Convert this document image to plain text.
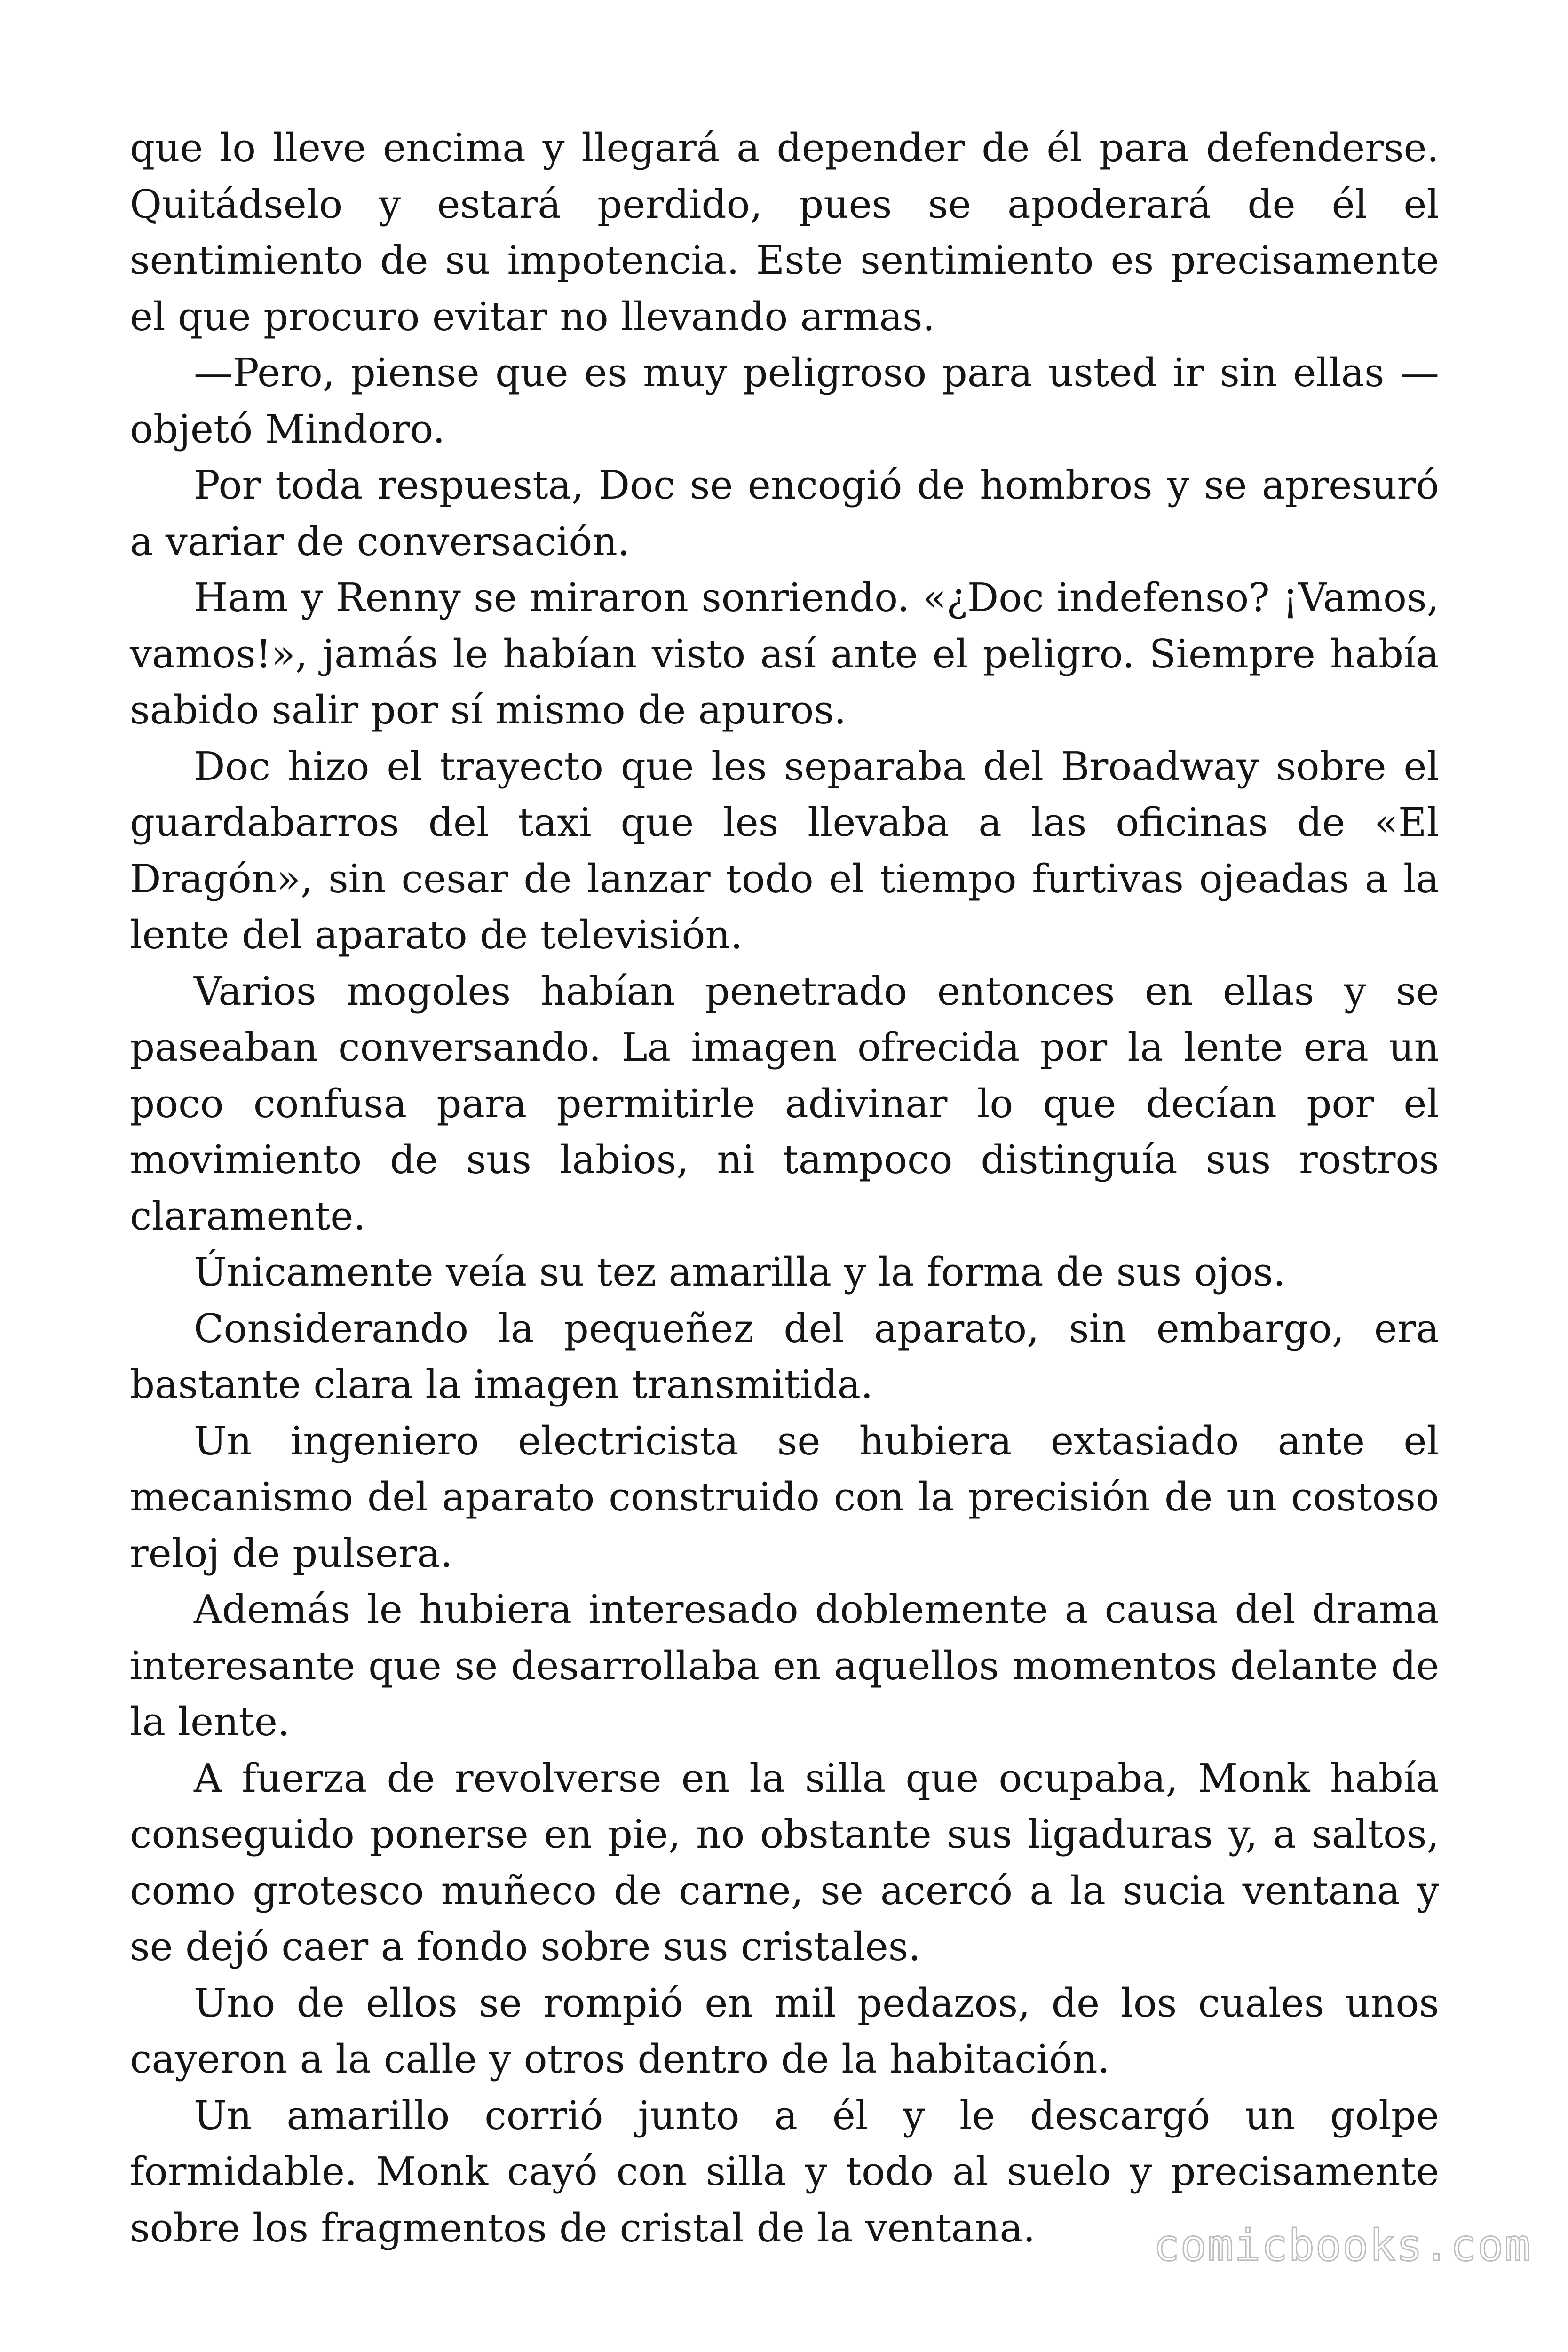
que lo lleve encima y llegará a depender de él para defenderse. Quitádselo y estará perdido, pues se apoderará de él el sentimiento de su impotencia. Este sentimiento es precisamente el que procuro evitar no llevando armas.

—Pero, piense que es muy peligroso para usted ir sin ellas — objetó Mindoro.

Por toda respuesta, Doc se encogió de hombros y se apresuró a variar de conversación.

Ham y Renny se miraron sonriendo. «¿Doc indefenso? ¡Vamos, vamos!», jamás le habían visto así ante el peligro. Siempre había sabido salir por sí mismo de apuros.

Doc hizo el trayecto que les separaba del Broadway sobre el guardabarros del taxi que les llevaba a las oficinas de «El Dragón», sin cesar de lanzar todo el tiempo furtivas ojeadas a la lente del aparato de televisión.

Varios mogoles habían penetrado entonces en ellas y se paseaban conversando. La imagen ofrecida por la lente era un poco confusa para permitirle adivinar lo que decían por el movimiento de sus labios, ni tampoco distinguía sus rostros claramente.

Únicamente veía su tez amarilla y la forma de sus ojos.

Considerando la pequeñez del aparato, sin embargo, era bastante clara la imagen transmitida.

Un ingeniero electricista se hubiera extasiado ante el mecanismo del aparato construido con la precisión de un costoso reloj de pulsera.

Además le hubiera interesado doblemente a causa del drama interesante que se desarrollaba en aquellos momentos delante de la lente.

A fuerza de revolverse en la silla que ocupaba, Monk había conseguido ponerse en pie, no obstante sus ligaduras y, a saltos, como grotesco muñeco de carne, se acercó a la sucia ventana y se dejó caer a fondo sobre sus cristales.

Uno de ellos se rompió en mil pedazos, de los cuales unos cayeron a la calle y otros dentro de la habitación.

Un amarillo corrió junto a él y le descargó un golpe formidable. Monk cayó con silla y todo al suelo y precisamente sobre los fragmentos de cristal de la ventana.	comicbooks.com
